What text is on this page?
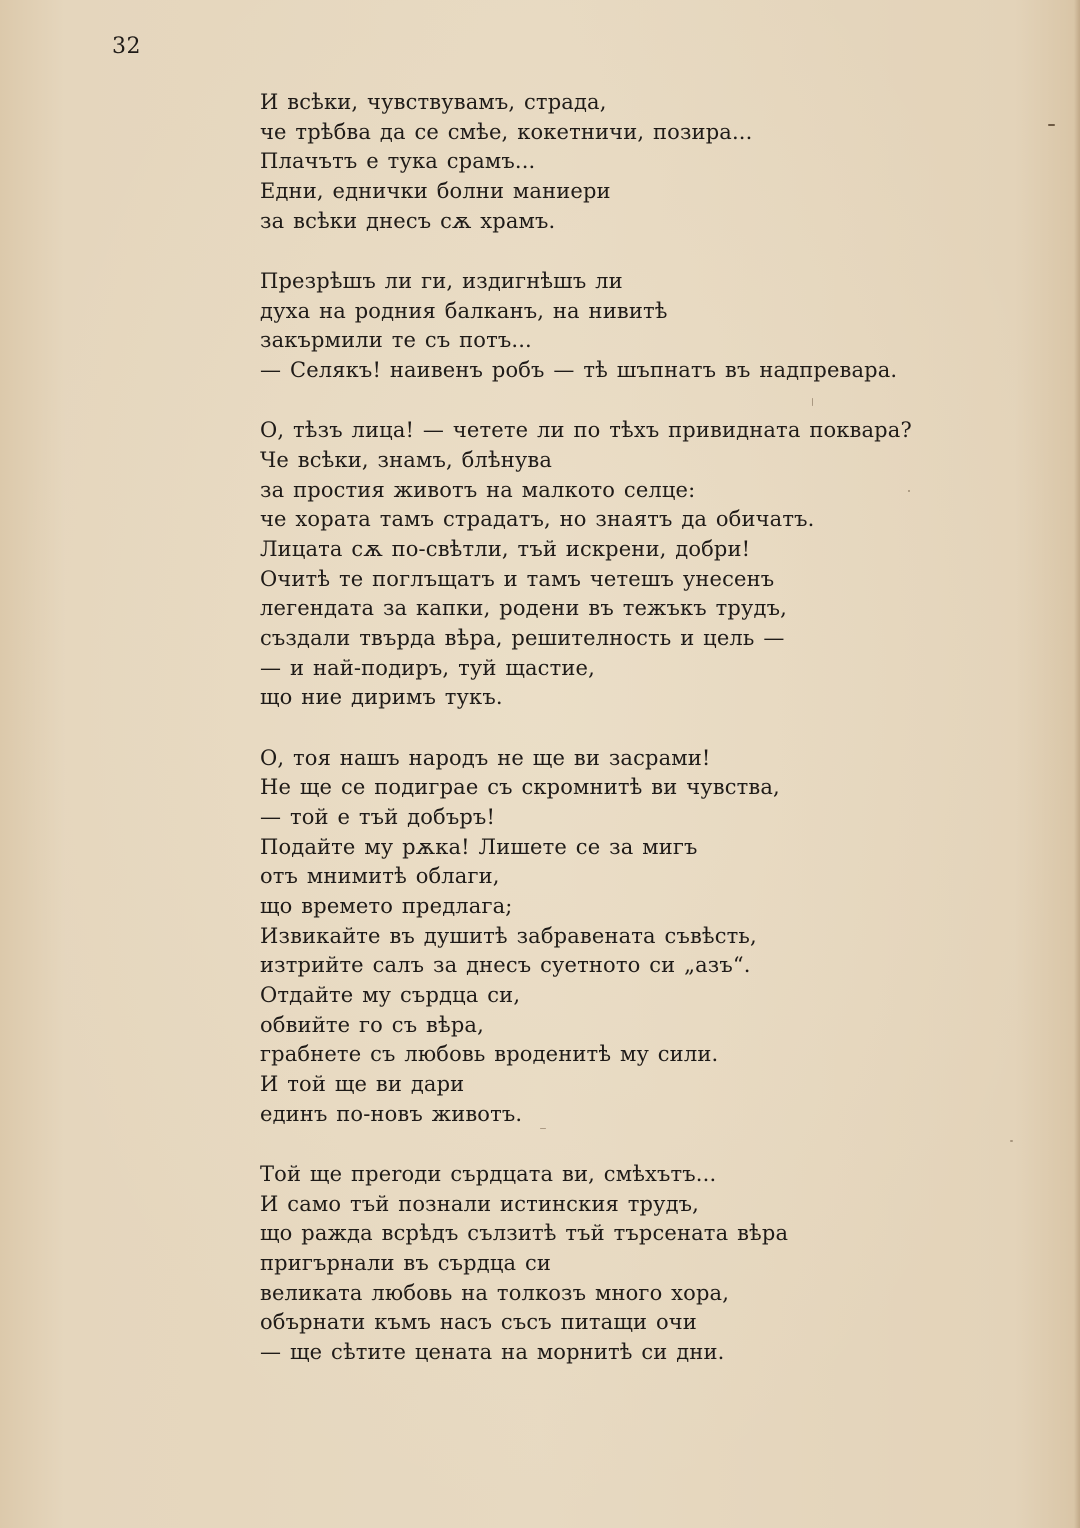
32
И всѣки, чувствувамъ, страда,
че трѣбва да се смѣе, кокетничи, позира...
Плачътъ е тука срамъ...
Едни, еднички болни маниери
за всѣки днесъ сѫ храмъ.
Презрѣшъ ли ги, издигнѣшъ ли
духа на родния балканъ, на нивитѣ
закърмили те съ потъ...
— Селякъ! наивенъ робъ — тѣ шъпнатъ въ надпревара.
О, тѣзъ лица! — четете ли по тѣхъ привидната поквара?
Че всѣки, знамъ, блѣнува
за простия животъ на малкото селце:
че хората тамъ страдатъ, но знаятъ да обичатъ.
Лицата сѫ по-свѣтли, тъй искрени, добри!
Очитѣ те поглъщатъ и тамъ четешъ унесенъ
легендата за капки, родени въ тежъкъ трудъ,
създали твърда вѣра, решителность и цель —
— и най-подиръ, туй щастие,
що ние диримъ тукъ.
О, тоя нашъ народъ не ще ви засрами!
Не ще се подиграе съ скромнитѣ ви чувства,
— той е тъй добъръ!
Подайте му рѫка! Лишете се за мигъ
отъ мнимитѣ облаги,
що времето предлага;
Извикайте въ душитѣ забравената съвѣсть,
изтрийте салъ за днесъ суетното си „азъ“.
Отдайте му сърдца си,
обвийте го съ вѣра,
грабнете съ любовь вроденитѣ му сили.
И той ще ви дари
единъ по-новъ животъ.
Той ще преroди сърдцата ви, смѣхътъ...
И само тъй познали истинския трудъ,
що ражда всрѣдъ сълзитѣ тъй търсената вѣра
пригърнали въ сърдца си
великата любовь на толкозъ много хора,
обърнати къмъ насъ съсъ питащи очи
— ще сѣтите цената на морнитѣ си дни.
